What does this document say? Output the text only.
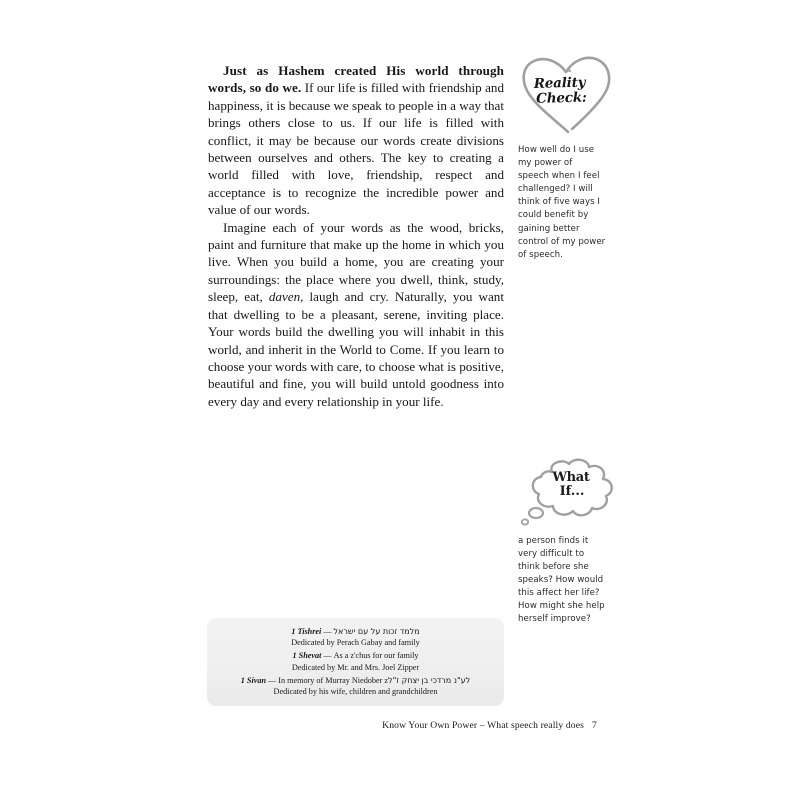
Just as Hashem created His world through words, so do we. If our life is filled with friendship and happiness, it is because we speak to people in a way that brings others close to us. If our life is filled with conflict, it may be because our words create divisions between ourselves and others. The key to creating a world filled with love, friendship, respect and acceptance is to recognize the incredible power and value of our words.

Imagine each of your words as the wood, bricks, paint and furniture that make up the home in which you live. When you build a home, you are creating your surroundings: the place where you dwell, think, study, sleep, eat, daven, laugh and cry. Naturally, you want that dwelling to be a pleasant, serene, inviting place. Your words build the dwelling you will inhabit in this world, and inherit in the World to Come. If you learn to choose your words with care, to choose what is positive, beautiful and fine, you will build untold goodness into every day and every relationship in your life.

Reality
Check:
How well do I use my power of speech when I feel challenged? I will think of five ways I could benefit by gaining better control of my power of speech.
What
If...
a person finds it very difficult to think before she speaks? How would this affect her life? How might she help herself improve?
1 Tishrei — מלמד זכות על עם ישראל
Dedicated by Perach Gabay and family
1 Shevat — As a z'chus for our family
Dedicated by Mr. and Mrs. Joel Zipper
1 Sivan — In memory of Murray Niedober zלע"נ מרדכי בן יצחק ז"ל
Dedicated by his wife, children and grandchildren
Know Your Own Power – What speech really does 7
